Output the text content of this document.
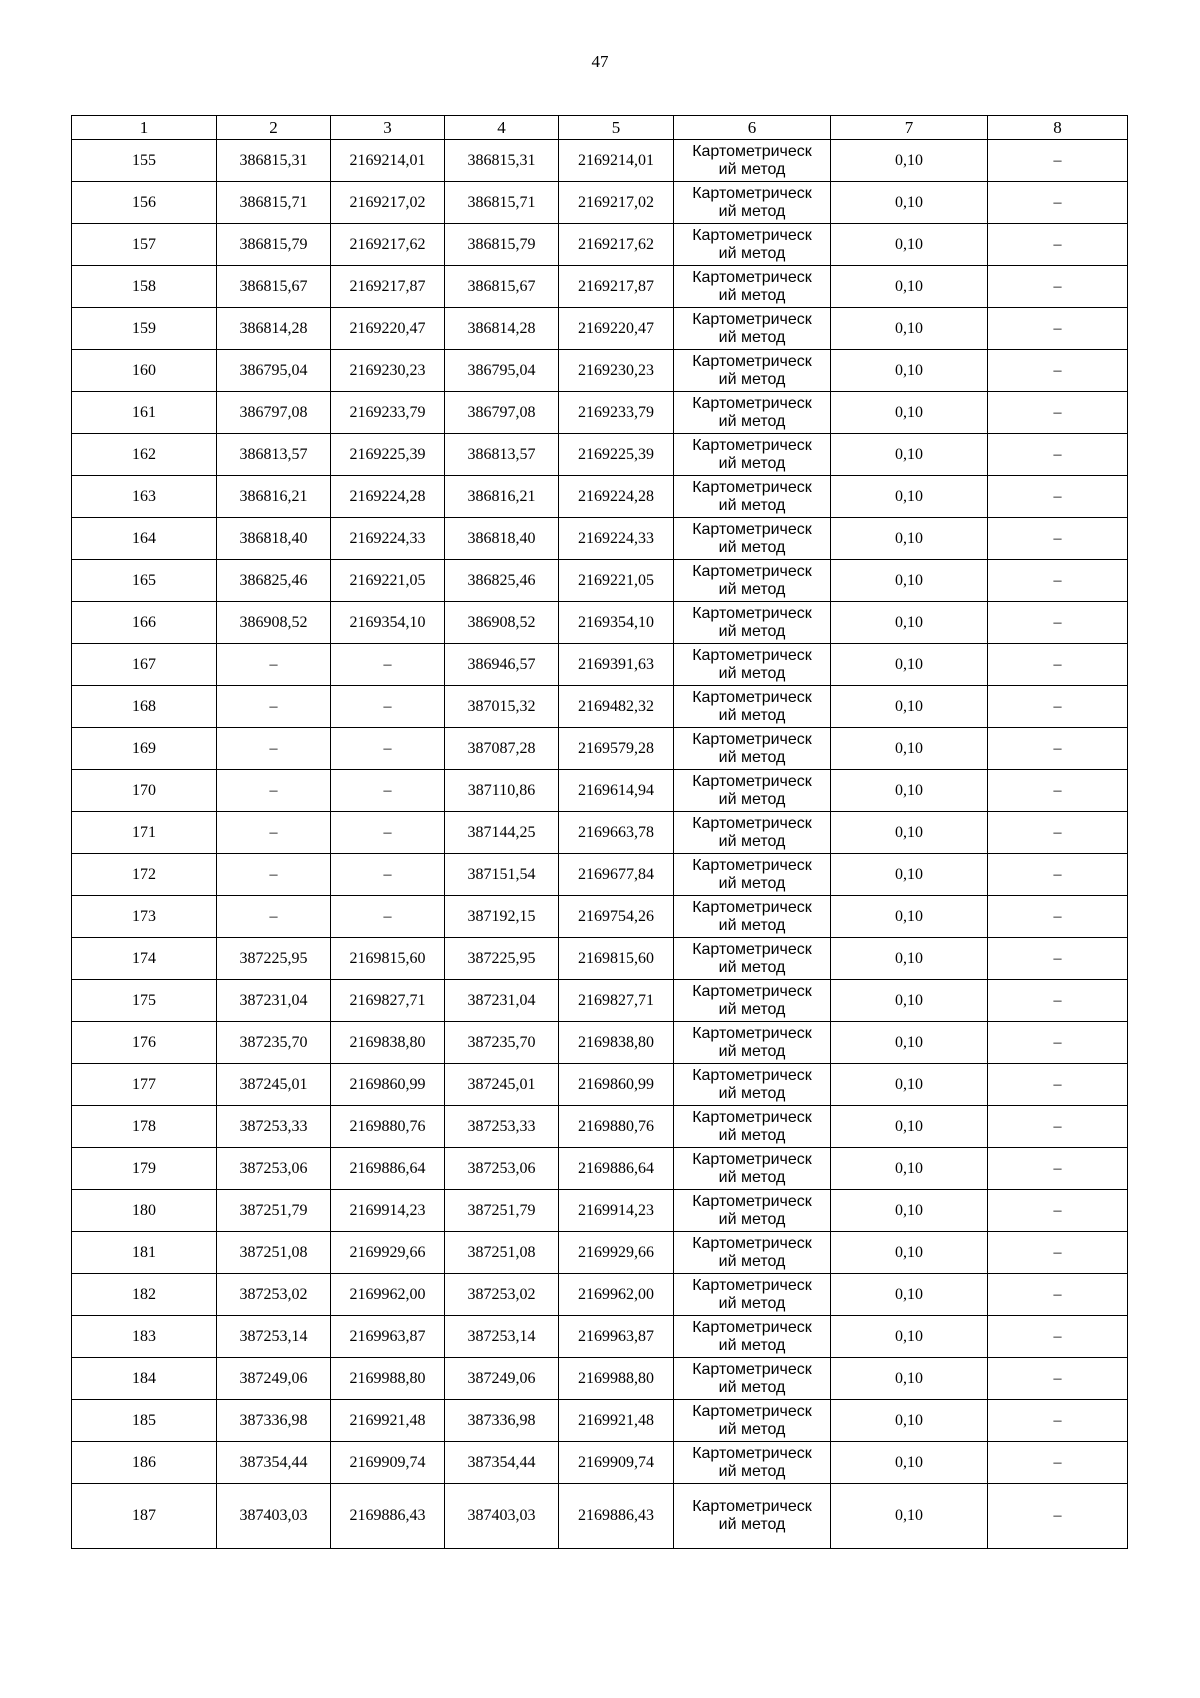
47
1	2	3	4	5	6	7	8
155	386815,31	2169214,01	386815,31	2169214,01	Картометрическ
ий метод	0,10	–
156	386815,71	2169217,02	386815,71	2169217,02	Картометрическ
ий метод	0,10	–
157	386815,79	2169217,62	386815,79	2169217,62	Картометрическ
ий метод	0,10	–
158	386815,67	2169217,87	386815,67	2169217,87	Картометрическ
ий метод	0,10	–
159	386814,28	2169220,47	386814,28	2169220,47	Картометрическ
ий метод	0,10	–
160	386795,04	2169230,23	386795,04	2169230,23	Картометрическ
ий метод	0,10	–
161	386797,08	2169233,79	386797,08	2169233,79	Картометрическ
ий метод	0,10	–
162	386813,57	2169225,39	386813,57	2169225,39	Картометрическ
ий метод	0,10	–
163	386816,21	2169224,28	386816,21	2169224,28	Картометрическ
ий метод	0,10	–
164	386818,40	2169224,33	386818,40	2169224,33	Картометрическ
ий метод	0,10	–
165	386825,46	2169221,05	386825,46	2169221,05	Картометрическ
ий метод	0,10	–
166	386908,52	2169354,10	386908,52	2169354,10	Картометрическ
ий метод	0,10	–
167	–	–	386946,57	2169391,63	Картометрическ
ий метод	0,10	–
168	–	–	387015,32	2169482,32	Картометрическ
ий метод	0,10	–
169	–	–	387087,28	2169579,28	Картометрическ
ий метод	0,10	–
170	–	–	387110,86	2169614,94	Картометрическ
ий метод	0,10	–
171	–	–	387144,25	2169663,78	Картометрическ
ий метод	0,10	–
172	–	–	387151,54	2169677,84	Картометрическ
ий метод	0,10	–
173	–	–	387192,15	2169754,26	Картометрическ
ий метод	0,10	–
174	387225,95	2169815,60	387225,95	2169815,60	Картометрическ
ий метод	0,10	–
175	387231,04	2169827,71	387231,04	2169827,71	Картометрическ
ий метод	0,10	–
176	387235,70	2169838,80	387235,70	2169838,80	Картометрическ
ий метод	0,10	–
177	387245,01	2169860,99	387245,01	2169860,99	Картометрическ
ий метод	0,10	–
178	387253,33	2169880,76	387253,33	2169880,76	Картометрическ
ий метод	0,10	–
179	387253,06	2169886,64	387253,06	2169886,64	Картометрическ
ий метод	0,10	–
180	387251,79	2169914,23	387251,79	2169914,23	Картометрическ
ий метод	0,10	–
181	387251,08	2169929,66	387251,08	2169929,66	Картометрическ
ий метод	0,10	–
182	387253,02	2169962,00	387253,02	2169962,00	Картометрическ
ий метод	0,10	–
183	387253,14	2169963,87	387253,14	2169963,87	Картометрическ
ий метод	0,10	–
184	387249,06	2169988,80	387249,06	2169988,80	Картометрическ
ий метод	0,10	–
185	387336,98	2169921,48	387336,98	2169921,48	Картометрическ
ий метод	0,10	–
186	387354,44	2169909,74	387354,44	2169909,74	Картометрическ
ий метод	0,10	–
187	387403,03	2169886,43	387403,03	2169886,43	Картометрическ
ий метод	0,10	–
